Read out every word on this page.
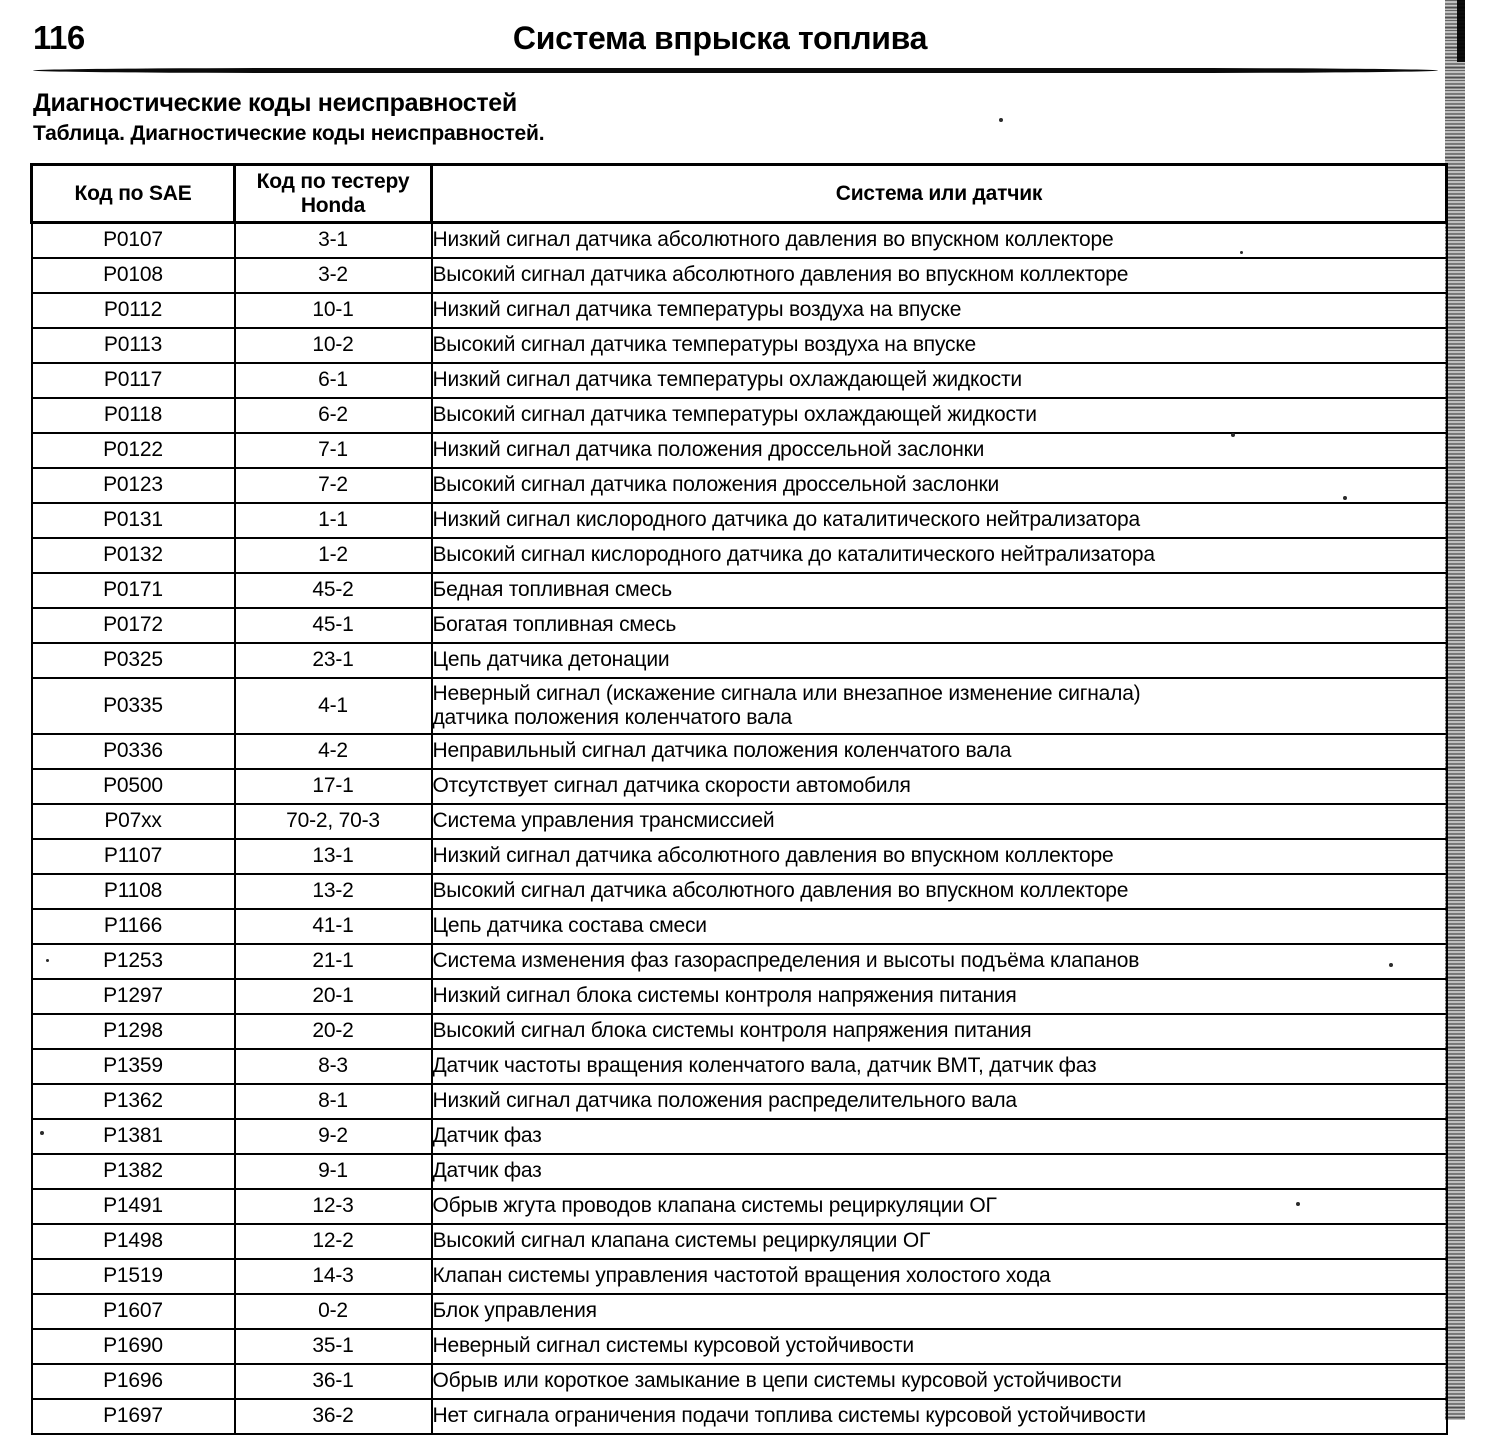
116	Система впрыска топлива
Диагностические коды неисправностей
Таблица. Диагностические коды неисправностей.
Код по SAE	Код по тестеру Honda	Система или датчик
P0107	3-1	Низкий сигнал датчика абсолютного давления во впускном коллекторе
P0108	3-2	Высокий сигнал датчика абсолютного давления во впускном коллекторе
P0112	10-1	Низкий сигнал датчика температуры воздуха на впуске
P0113	10-2	Высокий сигнал датчика температуры воздуха на впуске
P0117	6-1	Низкий сигнал датчика температуры охлаждающей жидкости
P0118	6-2	Высокий сигнал датчика температуры охлаждающей жидкости
P0122	7-1	Низкий сигнал датчика положения дроссельной заслонки
P0123	7-2	Высокий сигнал датчика положения дроссельной заслонки
P0131	1-1	Низкий сигнал кислородного датчика до каталитического нейтрализатора
P0132	1-2	Высокий сигнал кислородного датчика до каталитического нейтрализатора
P0171	45-2	Бедная топливная смесь
P0172	45-1	Богатая топливная смесь
P0325	23-1	Цепь датчика детонации
P0335	4-1	Неверный сигнал (искажение сигнала или внезапное изменение сигнала)
датчика положения коленчатого вала

P0336	4-2	Неправильный сигнал датчика положения коленчатого вала
P0500	17-1	Отсутствует сигнал датчика скорости автомобиля
P07xx	70-2, 70-3	Система управления трансмиссией
P1107	13-1	Низкий сигнал датчика абсолютного давления во впускном коллекторе
P1108	13-2	Высокий сигнал датчика абсолютного давления во впускном коллекторе
P1166	41-1	Цепь датчика состава смеси
P1253	21-1	Система изменения фаз газораспределения и высоты подъёма клапанов
P1297	20-1	Низкий сигнал блока системы контроля напряжения питания
P1298	20-2	Высокий сигнал блока системы контроля напряжения питания
P1359	8-3	Датчик частоты вращения коленчатого вала, датчик ВМТ, датчик фаз
P1362	8-1	Низкий сигнал датчика положения распределительного вала
P1381	9-2	Датчик фаз
P1382	9-1	Датчик фаз
P1491	12-3	Обрыв жгута проводов клапана системы рециркуляции ОГ
P1498	12-2	Высокий сигнал клапана системы рециркуляции ОГ
P1519	14-3	Клапан системы управления частотой вращения холостого хода
P1607	0-2	Блок управления
P1690	35-1	Неверный сигнал системы курсовой устойчивости
P1696	36-1	Обрыв или короткое замыкание в цепи системы курсовой устойчивости
P1697	36-2	Нет сигнала ограничения подачи топлива системы курсовой устойчивости
